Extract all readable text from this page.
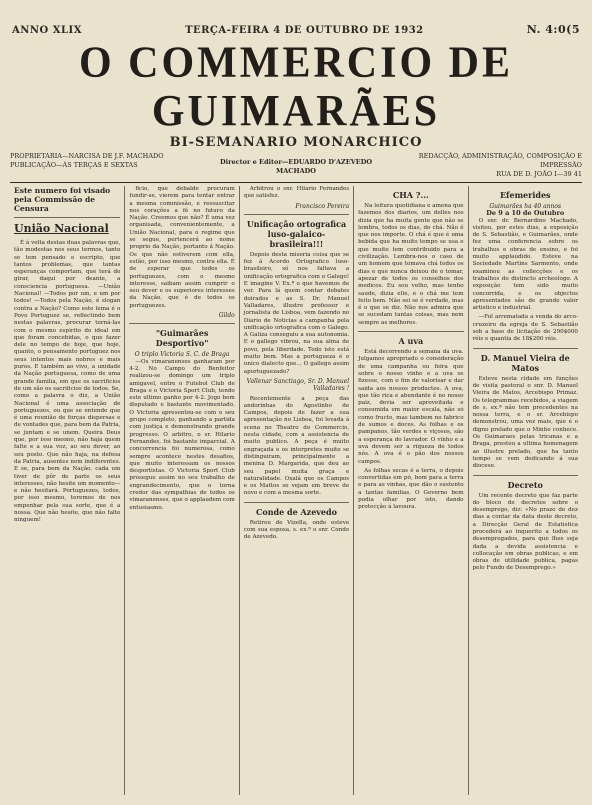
ANNO XLIX	TERÇA-FEIRA 4 DE OUTUBRO DE 1932	N. 4:0(5
O COMMERCIO DE GUIMARÃES
BI-SEMANARIO MONARCHICO
PROPRIETARIA—NARCISA DE J.F. MACHADO
PUBLICAÇÃO—ÁS TERÇAS E SEXTAS	Director e Editor—EDUARDO D'AZEVEDO MACHADO
REDACÇÃO, ADMINISTRAÇÃO, COMPOSIÇÃO E IMPRESSÃO
RUA DE D. JOÃO I—39 41
Este numero foi visado pela Commissão de Censura
União Nacional

É á volta destas duas palavras que, tão modestas nos seus termos, tanto se tem pensado e escripto, que tantos problemas, que tantas esperanças comportam, que terá de girar, daqui por deante, a consciencia portuguesa. —União Nacional! —Todos por um, e um por todos! —Todos pela Nação, é slogan contra a Nação? Como este lema é o Povo Portuguez se, reflectindo bem nestas palavras, procurar torná-las com o mesmo espirito do ideal em que foram concebidas, o que fazer dele no tempo de hoje, que hoje, quanto, o pensamento portuguez nos seus intentos mais nobres e mais puros. E também ao vivo, a unidade da Nação portuguesa, como de uma grande familia, em que os sacrificios de um são os sacrificios de todos. Se, como a palavra o diz, a União Nacional é uma associação de portuguezes, ou que se entende que é uma reunião de forças dispersas e de vontades que, para bem da Patria, se juntam e se unem. Queira Deus que, por isso mesmo, não haja quem falte e a sua voz, ao seu dever, ao seu posto. Que não haja, na defesa da Patria, ausentes nem indiferentes. E se, para bem da Nação, cada um tiver de pôr de parte os seus interesses, não hesite um momento—e não hesitará. Portuguezes, todos, por isso mesmo, teremos de nos empenhar pela sua sorte, que é a nossa. Que não hesite, que não falte ninguem!

ficio, que debalde procuram fundir-se, vierem para tentar entrar a mesma commissão, e ressuscitar nos corações a fé no futuro da Nação. Creemos que não? É uma vez organisada, convenientemente, a União Nacional, para o regime que se segue, pertencerá ao nome proprio da Nação, portanto á Nação. Os que não estiverem com ella, estão, por isso mesmo, contra ella. É de esperar que todos os portuguezes, com o mesmo interesse, saibam assim cumprir o seu dever e os superiores interesses da Nação, que é de todos os portuguezes.

Gildo
"Guimarães Desportivo"
O triplo Victoria S. C. de Braga

—Os vimaranenses ganharam por 4-2. No Campo do Benfeitor realizou-se domingo um triplo amigavel, entre o Futebol Club de Braga e o Victoria Sport Club, tendo este ultimo ganho por 4-2. Jogo bem disputado e bastante movimentado. O Victoria apresentou-se com o seu grupo completo, ganhando a partida com justiça e demonstrando grande progresso. O arbitro, o sr. Hilario Fernandes, foi bastante imparcial. A concorrencia foi numerosa, como sempre acontece nestes desafios, que muito interessam os nossos desportistas. O Victoria Sport Club prosegue assim no seu trabalho de engrandecimento, que o torna credor das sympathias de todos os vimaranenses, que o applaudem com entusiasmo.

Arbitrou o snr. Hilario Fernandes que satisfez.

Francisco Pereira
Unificação ortografica luso-galaico-brasileira!!!

Depois desta miseria coisa que se fez á Acordo Ortografico luso-brasileiro, só nos faltava a unificação ortografica com o Galego! E imagine V. Ex.ª o que havemos de ver. Para lá quem contar debates doirados e as S. Dr. Manuel Valladares, illustre professor e jornalista de Lisboa, vem fazendo no Diario de Noticias a campanha pela unificação ortografica com o Galego. A Galiza conseguiu a sua autonomia. E o gallego vibrou, na sua alma de povo, pela liberdade. Todo isto está muito bem. Mas a portugueza é o unico dialecto que... O gallego assim aportuguezado?

Vallenar Sanctiago, Sr. D. Manuel Valladares !

Recentemente a peça das andorinhas do Agostinho de Campos, depois de fazer a sua apresentação no Lisboa, foi levada á scena no Theatro do Commercio, nesta cidade, com a assistencia de muito publico. A peça é muito engraçada e os interpretes muito se distinguiram, principalmente a menina D. Margarida, que deu ao seu papel muita graça e naturalidade. Oxalá que os Campos e os Mattos se vejam em breve de novo e com a mesma sorte.

Conde de Azevedo

Retirou de Vizella, onde esteve com sua esposa, s. ex.ª o snr. Conde de Azevedo.

CHA ?...

Na leitura quotidiana e amena que fazemos dos diarios, um delles nos dizia que ha muita gente que não se lembra, todos os dias, do chá. Não é que nos importe. O chá é que é uma bebida que ha muito tempo se usa e que muito tem contribuido para a civilização. Lembra-nos o caso de um homem que tomava chá todos os dias e que nunca deixou de o tomar, apezar de todos os conselhos dos medicos. Eu sou velho, mas tenho saude, dizia elle, e o chá me tem feito bem. Não sei se é verdade, mas é o que se diz. Não nos admira que se sucedam tantas coisas, mas nem sempre as melhores.

A uva

Está decorrendo a semana da uva. Julgamos apropriado o consideração de uma campanha ou feira que sobre o nosso vinho e a uva se fizesse, com o fim de valorisar e dar saida aos nossos productos. A uva, que tão rica e abundante é no nosso paiz, devia ser aproveitada e consumida em maior escala, não só como fructo, mas tambem no fabrico de sumos e doces. As folhas e os pampanos, tão verdes e viçosos, são a esperança do lavrador. O vinho e a uva devem ser a riqueza de todos nós. A uva é o pão dos nossos campos.

As folhas secas é a terra, o depois convertidas em pó, bom para a terra e para as vinhas, que dão o sustento a tantas familias. O Governo bem podia olhar por isto, dando protecção á lavoura.

Efemerides
Guimarães ha 40 annos
De 9 a 10 de Outubro

O snr. dr. Bernardino Machado, visitou, por estes dias, a exposição de S. Sebastião, e Guimarães, onde fez uma conferencia sobre os trabalhos e obras de ensino, e foi muito applaudido. Esteve na Sociedade Martins Sarmento, onde examinou as collecções e os trabalhos do distincto archeologo. A exposição tem sido muito concorrida, e os objectos apresentados são de grande valor artistico e industrial.

—Fol arrematada a venda do arco-cruzeiro da egreja de S. Sebastião sob a base de licitação de 290$000 réis e quantia de 18$200 réis.

D. Manuel Vieira de Matos

Esteve nesta cidade em funções de visita pastoral o snr. D. Manuel Vieira de Matos, Arcebispo Primaz. Os telegrammas recebidos, a viagem de s. ex.ª não tem precedentes na nossa terra, e o sr. Arcebispo demonstrou, uma vez mais, que é o digno prelado que o Minho conhece. Os Guimaraes pelas tricanas e a Braga, prestou a ultima homenagem ao illustre prelado, que ha tanto tempo se vem dedicando á sua diocese.

Decreto

Um recente decreto que faz parte do bloco de decretos sobre o desemprego, diz: «No prazo de dez dias a contar da data deste decreto, a Direcção Geral de Estatistica procederá ao inquerito a todos os desempregados, para que lhes seja dada a devida assistencia e collocação em obras publicas, e em obras de utilidade publica, pagas pelo Fundo de Desemprego.»
